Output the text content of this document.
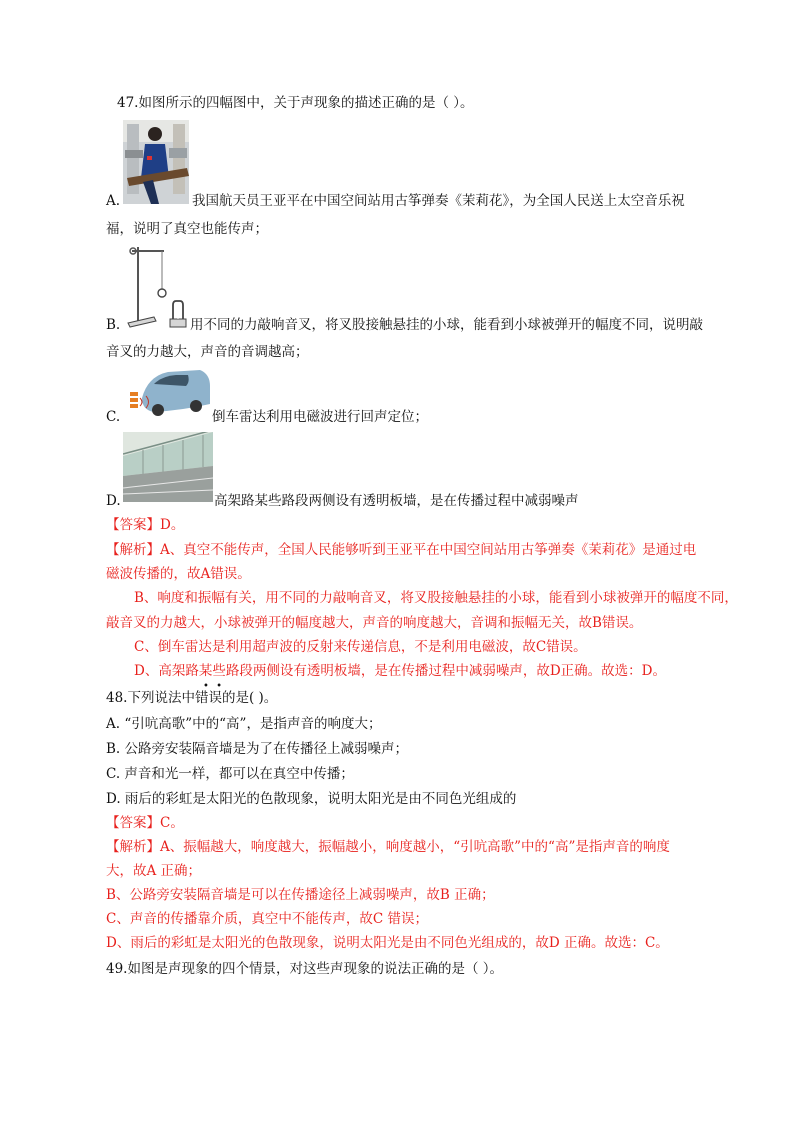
47.如图所示的四幅图中，关于声现象的描述正确的是（ ）。
A.	我国航天员王亚平在中国空间站用古筝弹奏《茉莉花》，为全国人民送上太空音乐祝
福，说明了真空也能传声；
B.	用不同的力敲响音叉，将叉股接触悬挂的小球，能看到小球被弹开的幅度不同，说明敲
音叉的力越大，声音的音调越高；
C.	倒车雷达利用电磁波进行回声定位；
D.	高架路某些路段两侧设有透明板墙，是在传播过程中减弱噪声
【答案】D。
【解析】A、真空不能传声，全国人民能够听到王亚平在中国空间站用古筝弹奏《茉莉花》是通过电
磁波传播的，故A错误。
B、响度和振幅有关，用不同的力敲响音叉，将叉股接触悬挂的小球，能看到小球被弹开的幅度不同，
敲音叉的力越大，小球被弹开的幅度越大，声音的响度越大，音调和振幅无关，故B错误。
C、倒车雷达是利用超声波的反射来传递信息，不是利用电磁波，故C错误。
D、高架路某些路段两侧设有透明板墙，是在传播过程中减弱噪声，故D正确。故选：D。
• •
48.下列说法中错误的是( )。
A. “引吭高歌”中的“高”，是指声音的响度大；
B. 公路旁安装隔音墙是为了在传播径上减弱噪声；
C. 声音和光一样，都可以在真空中传播；
D. 雨后的彩虹是太阳光的色散现象，说明太阳光是由不同色光组成的
【答案】C。
【解析】A、振幅越大，响度越大，振幅越小，响度越小，“引吭高歌”中的“高”是指声音的响度
大，故A 正确；
B、公路旁安装隔音墙是可以在传播途径上减弱噪声，故B 正确；
C、声音的传播靠介质，真空中不能传声，故C 错误；
D、雨后的彩虹是太阳光的色散现象，说明太阳光是由不同色光组成的，故D 正确。故选：C。
49.如图是声现象的四个情景，对这些声现象的说法正确的是（ ）。
